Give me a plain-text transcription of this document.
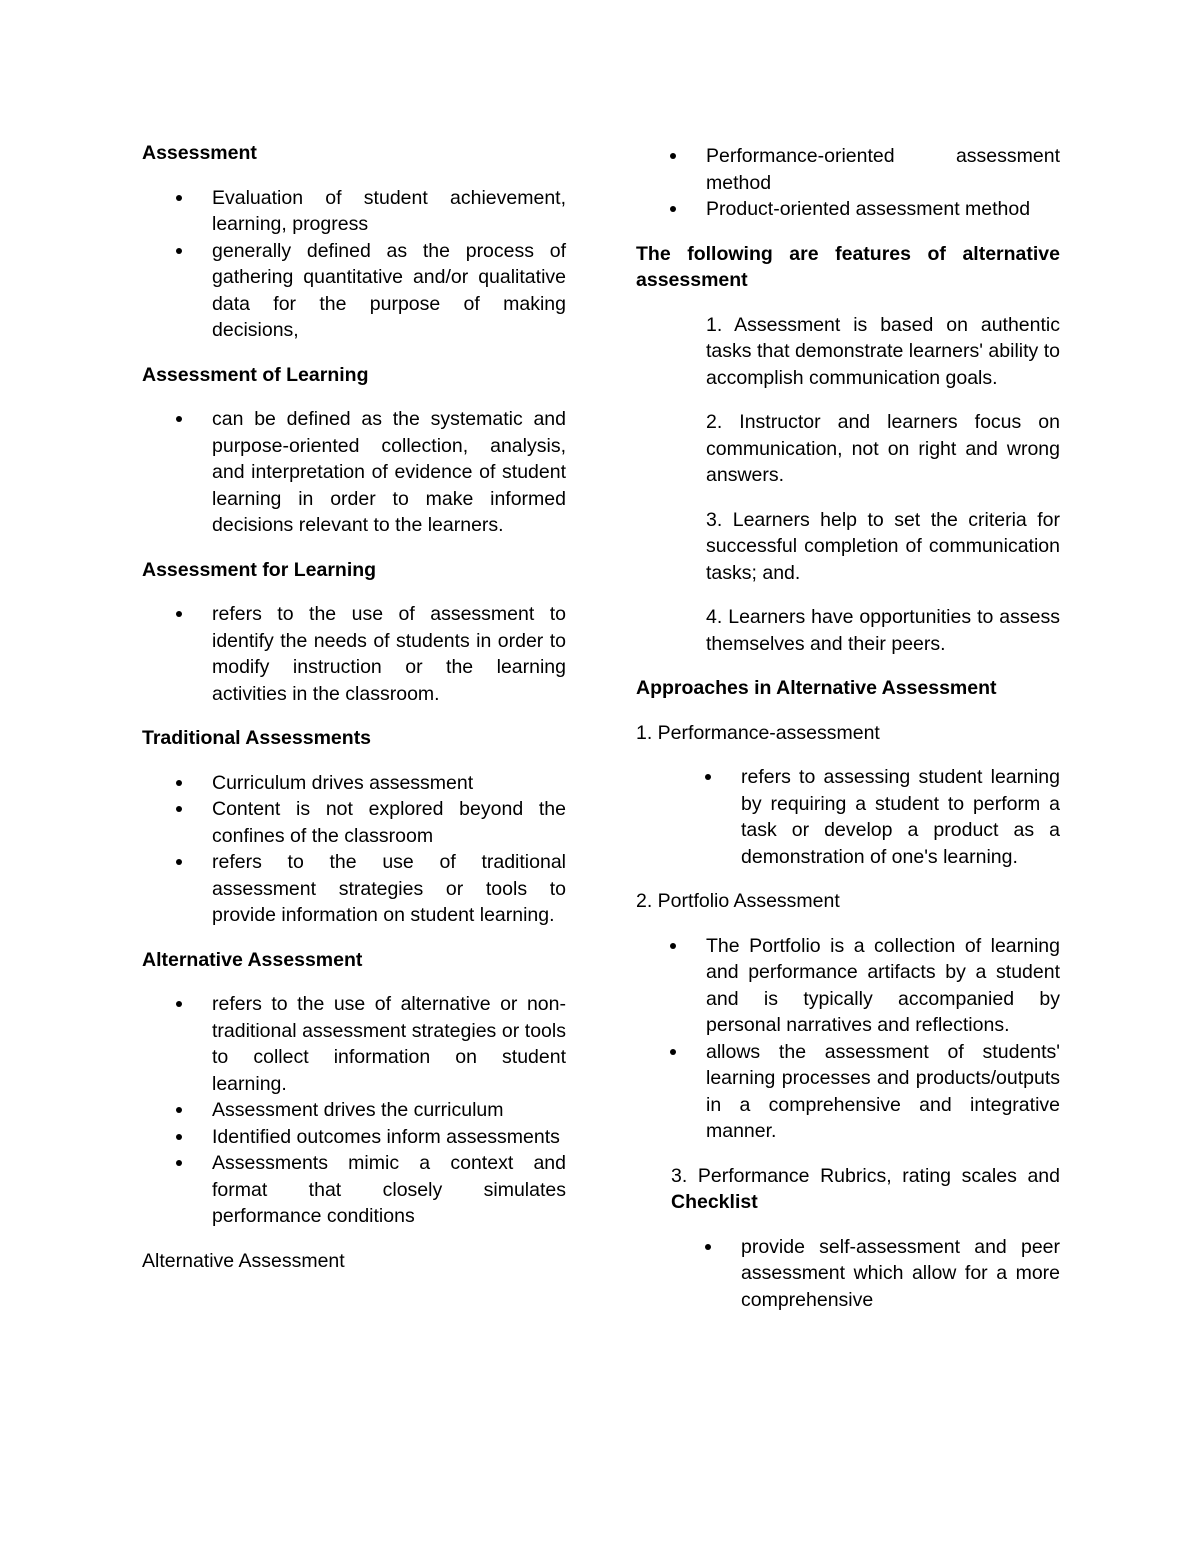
Assessment
Evaluation of student achievement, learning, progress
generally defined as the process of gathering quantitative and/or qualitative data for the purpose of making decisions,
Assessment of Learning
can be defined as the systematic and purpose-oriented collection, analysis, and interpretation of evidence of student learning in order to make informed decisions relevant to the learners.
Assessment for Learning
refers to the use of assessment to identify the needs of students in order to modify instruction or the learning activities in the classroom.
Traditional Assessments
Curriculum drives assessment
Content is not explored beyond the confines of the classroom
refers to the use of traditional assessment strategies or tools to provide information on student learning.
Alternative Assessment
refers to the use of alternative or non-traditional assessment strategies or tools to collect information on student learning.
Assessment drives the curriculum
Identified outcomes inform assessments
Assessments mimic a context and format that closely simulates performance conditions
Alternative Assessment
Performance-oriented assessment method
Product-oriented assessment method
The following are features of alternative assessment
1. Assessment is based on authentic tasks that demonstrate learners' ability to accomplish communication goals.
2. Instructor and learners focus on communication, not on right and wrong answers.
3. Learners help to set the criteria for successful completion of communication tasks; and.
4. Learners have opportunities to assess themselves and their peers.
Approaches in Alternative Assessment
1. Performance-assessment
refers to assessing student learning by requiring a student to perform a task or develop a product as a demonstration of one's learning.
2. Portfolio Assessment
The Portfolio is a collection of learning and performance artifacts by a student and is typically accompanied by personal narratives and reflections.
allows the assessment of students' learning processes and products/outputs in a comprehensive and integrative manner.
3. Performance Rubrics, rating scales and Checklist
provide self-assessment and peer assessment which allow for a more comprehensive
